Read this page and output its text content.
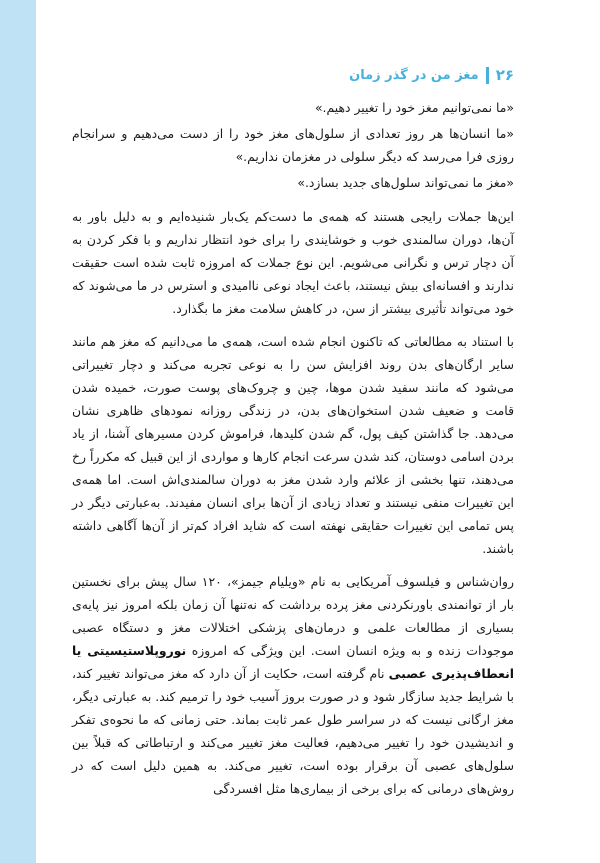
۲۶
مغز من در گذر زمان

«ما نمی‌توانیم مغز خود را تغییر دهیم.»

«ما انسان‌ها هر روز تعدادی از سلول‌های مغز خود را از دست می‌دهیم و سرانجام روزی فرا می‌رسد که دیگر سلولی در مغزمان نداریم.»

«مغز ما نمی‌تواند سلول‌های جدید بسازد.»

این‌ها جملات رایجی هستند که همه‌ی ما دست‌کم یک‌بار شنیده‌ایم و به دلیل باور به آن‌ها، دوران سالمندی خوب و خوشایندی را برای خود انتظار نداریم و با فکر کردن به آن دچار ترس و نگرانی می‌شویم. این نوع جملات که امروزه ثابت شده است حقیقت ندارند و افسانه‌ای بیش نیستند، باعث ایجاد نوعی ناامیدی و استرس در ما می‌شوند که خود می‌تواند تأثیری بیشتر از سن، در کاهش سلامت مغز ما بگذارد.

با استناد به مطالعاتی که تاکنون انجام شده است، همه‌ی ما می‌دانیم که مغز هم مانند سایر ارگان‌های بدن روند افزایش سن را به نوعی تجربه می‌کند و دچار تغییراتی می‌شود که مانند سفید شدن موها، چین و چروک‌های پوست صورت، خمیده شدن قامت و ضعیف شدن استخوان‌های بدن، در زندگی روزانه نمودهای ظاهری نشان می‌دهد. جا گذاشتن کیف پول، گم شدن کلیدها، فراموش کردن مسیرهای آشنا، از یاد بردن اسامی دوستان، کند شدن سرعت انجام کارها و مواردی از این قبیل که مکرراً رخ می‌دهند، تنها بخشی از علائم وارد شدن مغز به دوران سالمندی‌اش است. اما همه‌ی این تغییرات منفی نیستند و تعداد زیادی از آن‌ها برای انسان مفیدند. به‌عبارتی دیگر در پس تمامی این تغییرات حقایقی نهفته است که شاید افراد کم‌تر از آن‌ها آگاهی داشته باشند.

روان‌شناس و فیلسوف آمریکایی به نام «ویلیام جیمز»، ۱۲۰ سال پیش برای نخستین بار از توانمندی باورنکردنی مغز پرده برداشت که نه‌تنها آن زمان بلکه امروز نیز پایه‌ی بسیاری از مطالعات علمی و درمان‌های پزشکی اختلالات مغز و دستگاه عصبی موجودات زنده و به ویژه انسان است. این ویژگی که امروزه نوروپلاستیسیتی یا انعطاف‌پذیری عصبی نام گرفته است، حکایت از آن دارد که مغز می‌تواند تغییر کند، با شرایط جدید سازگار شود و در صورت بروز آسیب خود را ترمیم کند. به عبارتی دیگر، مغز ارگانی نیست که در سراسر طول عمر ثابت بماند. حتی زمانی که ما نحوه‌ی تفکر و اندیشیدن خود را تغییر می‌دهیم، فعالیت مغز تغییر می‌کند و ارتباطاتی که قبلاً بین سلول‌های عصبی آن برقرار بوده است، تغییر می‌کند. به همین دلیل است که در روش‌های درمانی که برای برخی از بیماری‌ها مثل افسردگی
